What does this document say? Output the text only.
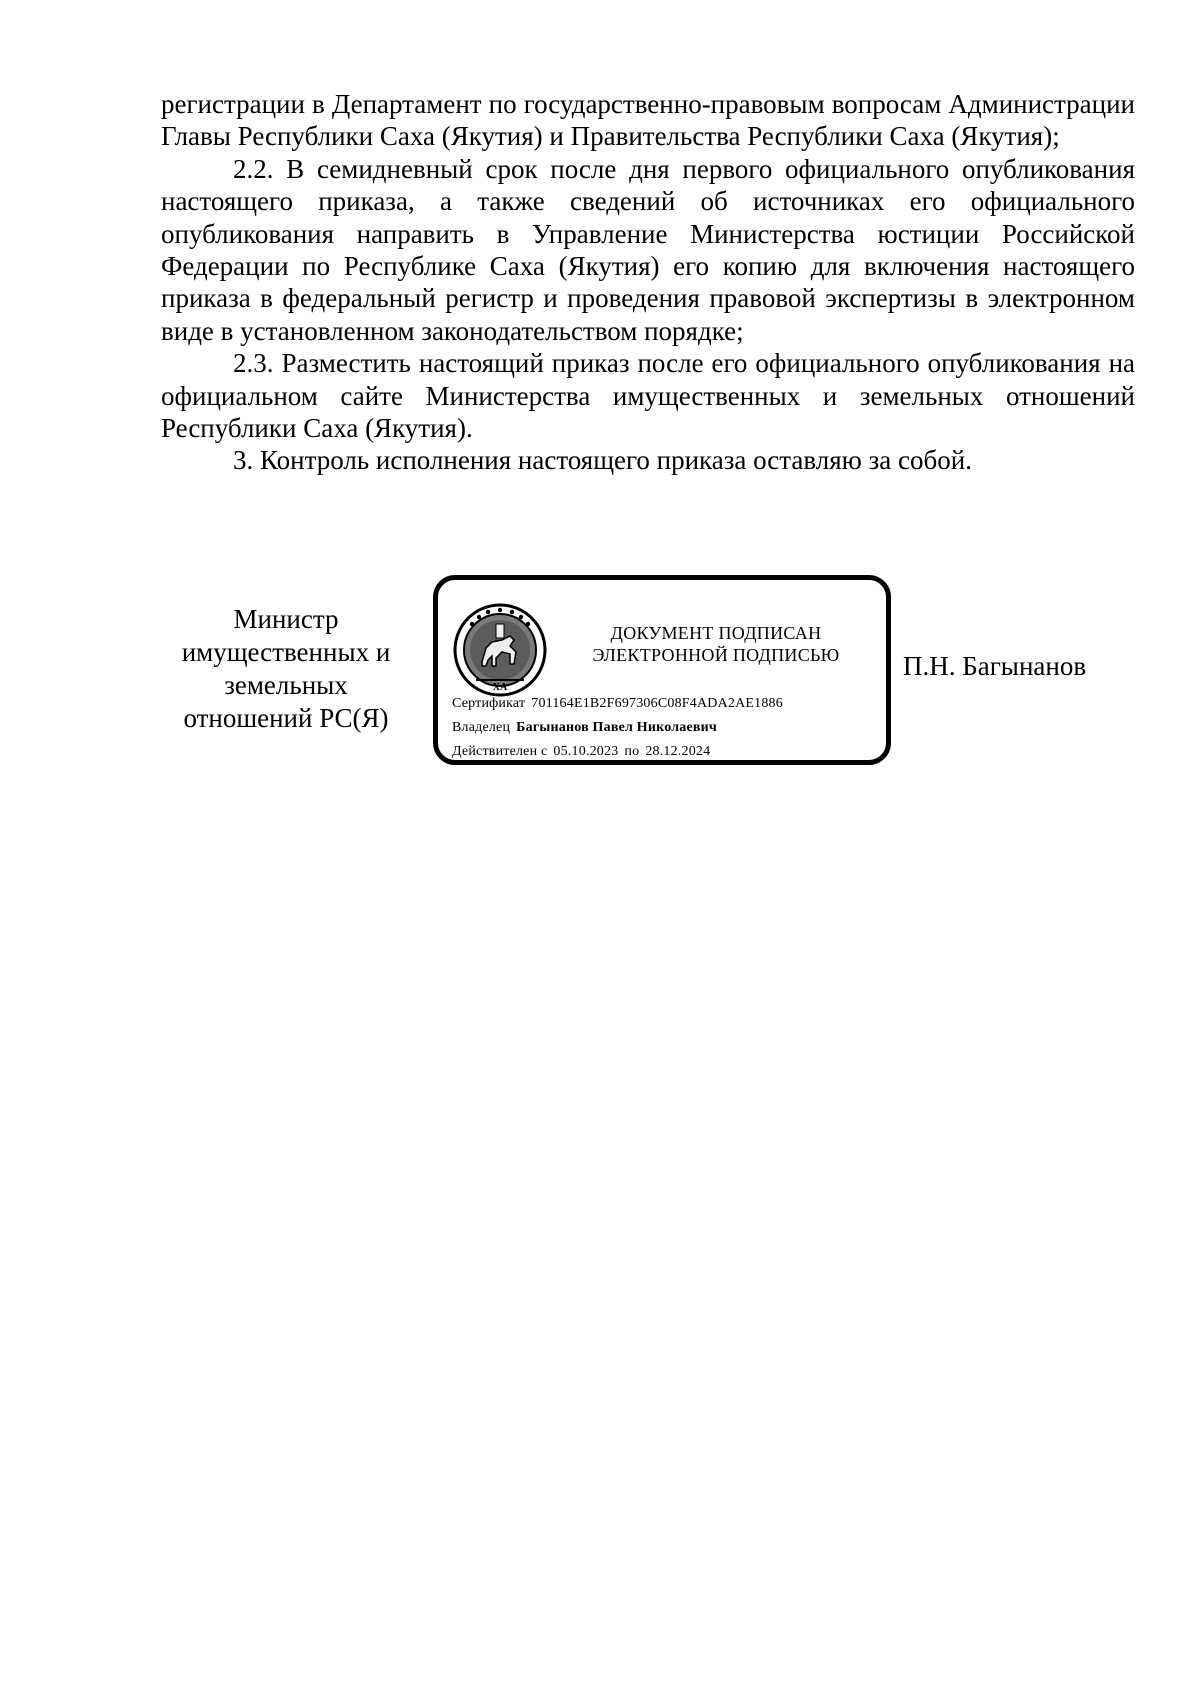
регистрации в Департамент по государственно-правовым вопросам Администрации Главы Республики Саха (Якутия) и Правительства Республики Саха (Якутия);

2.2. В семидневный срок после дня первого официального опубликования настоящего приказа, а также сведений об источниках его официального опубликования направить в Управление Министерства юстиции Российской Федерации по Республике Саха (Якутия) его копию для включения настоящего приказа в федеральный регистр и проведения правовой экспертизы в электронном виде в установленном законодательством порядке;

2.3. Разместить настоящий приказ после его официального опубликования на официальном сайте Министерства имущественных и земельных отношений Республики Саха (Якутия).

3. Контроль исполнения настоящего приказа оставляю за собой.

Министр
имущественных и
земельных
отношений РС(Я)
ХА
ДОКУМЕНТ ПОДПИСАН
ЭЛЕКТРОННОЙ ПОДПИСЬЮ
Сертификат 701164E1B2F697306C08F4ADA2AE1886
Владелец Багынанов Павел Николаевич
Действителен с 05.10.2023 по 28.12.2024
П.Н. Багынанов
